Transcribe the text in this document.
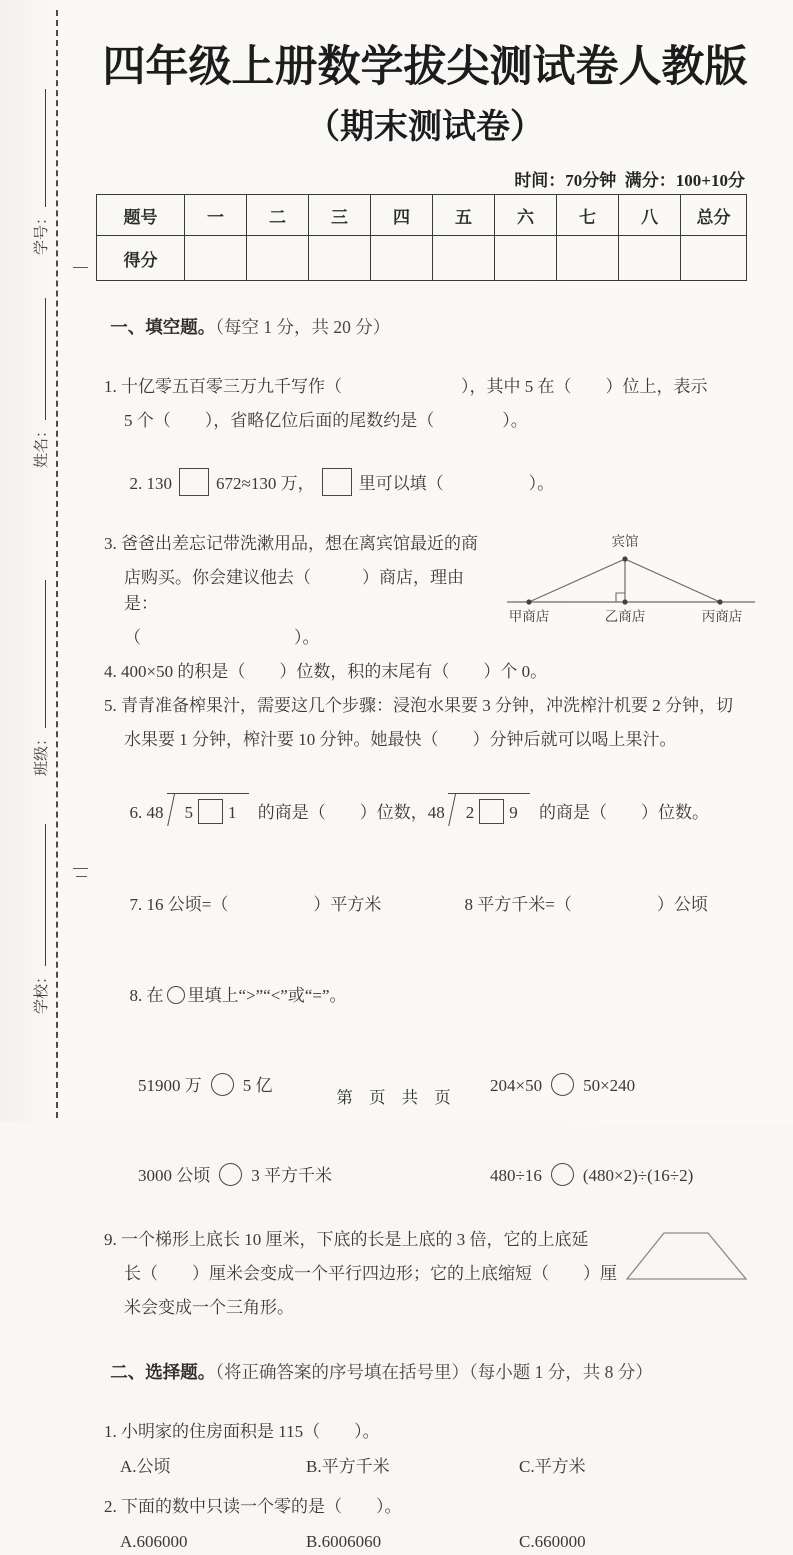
学号：
姓名：
班级：
学校：
四年级上册数学拔尖测试卷人教版
（期末测试卷）
时间：70分钟  满分：100+10分
题号	一	二	三	四	五	六	七	八	总分
得分									

一、填空题。（每空 1 分，共 20 分）

1. 十亿零五百零三万九千写作（　　　　　　　），其中 5 在（　　）位上，表示
5 个（　　），省略亿位后面的尾数约是（　　　　）。

2. 130	672≈130 万，	里可以填（　　　　　）。

3. 爸爸出差忘记带洗漱用品，想在离宾馆最近的商
店购买。你会建议他去（　　　）商店，理由是：
（　　　　　　　　　）。
宾馆
甲商店	乙商店	丙商店
4. 400×50 的积是（　　）位数，积的末尾有（　　）个 0。
5. 青青准备榨果汁，需要这几个步骤：浸泡水果要 3 分钟，冲洗榨汁机要 2 分钟，切
水果要 1 分钟，榨汁要 10 分钟。她最快（　　）分钟后就可以喝上果汁。

6. 48 5 1 的商是（　　）位数，48 2 9 的商是（　　）位数。

7. 16 公顷=（　　　　　）平方米	8 平方千米=（　　　　　）公顷

8. 在 里填上“>”“<”或“=”。

51900 万 5 亿
	204×50 50×240

3000 公顷 3 平方千米
	480÷16 (480×2)÷(16÷2)

9. 一个梯形上底长 10 厘米，下底的长是上底的 3 倍，它的上底延
长（　　）厘米会变成一个平行四边形；它的上底缩短（　　）厘
米会变成一个三角形。

二、选择题。（将正确答案的序号填在括号里）（每小题 1 分，共 8 分）

1. 小明家的住房面积是 115（　　）。
A.公顷	B.平方千米	C.平方米
2. 下面的数中只读一个零的是（　　）。
A.606000	B.6006060	C.660000
第 页 共 页
